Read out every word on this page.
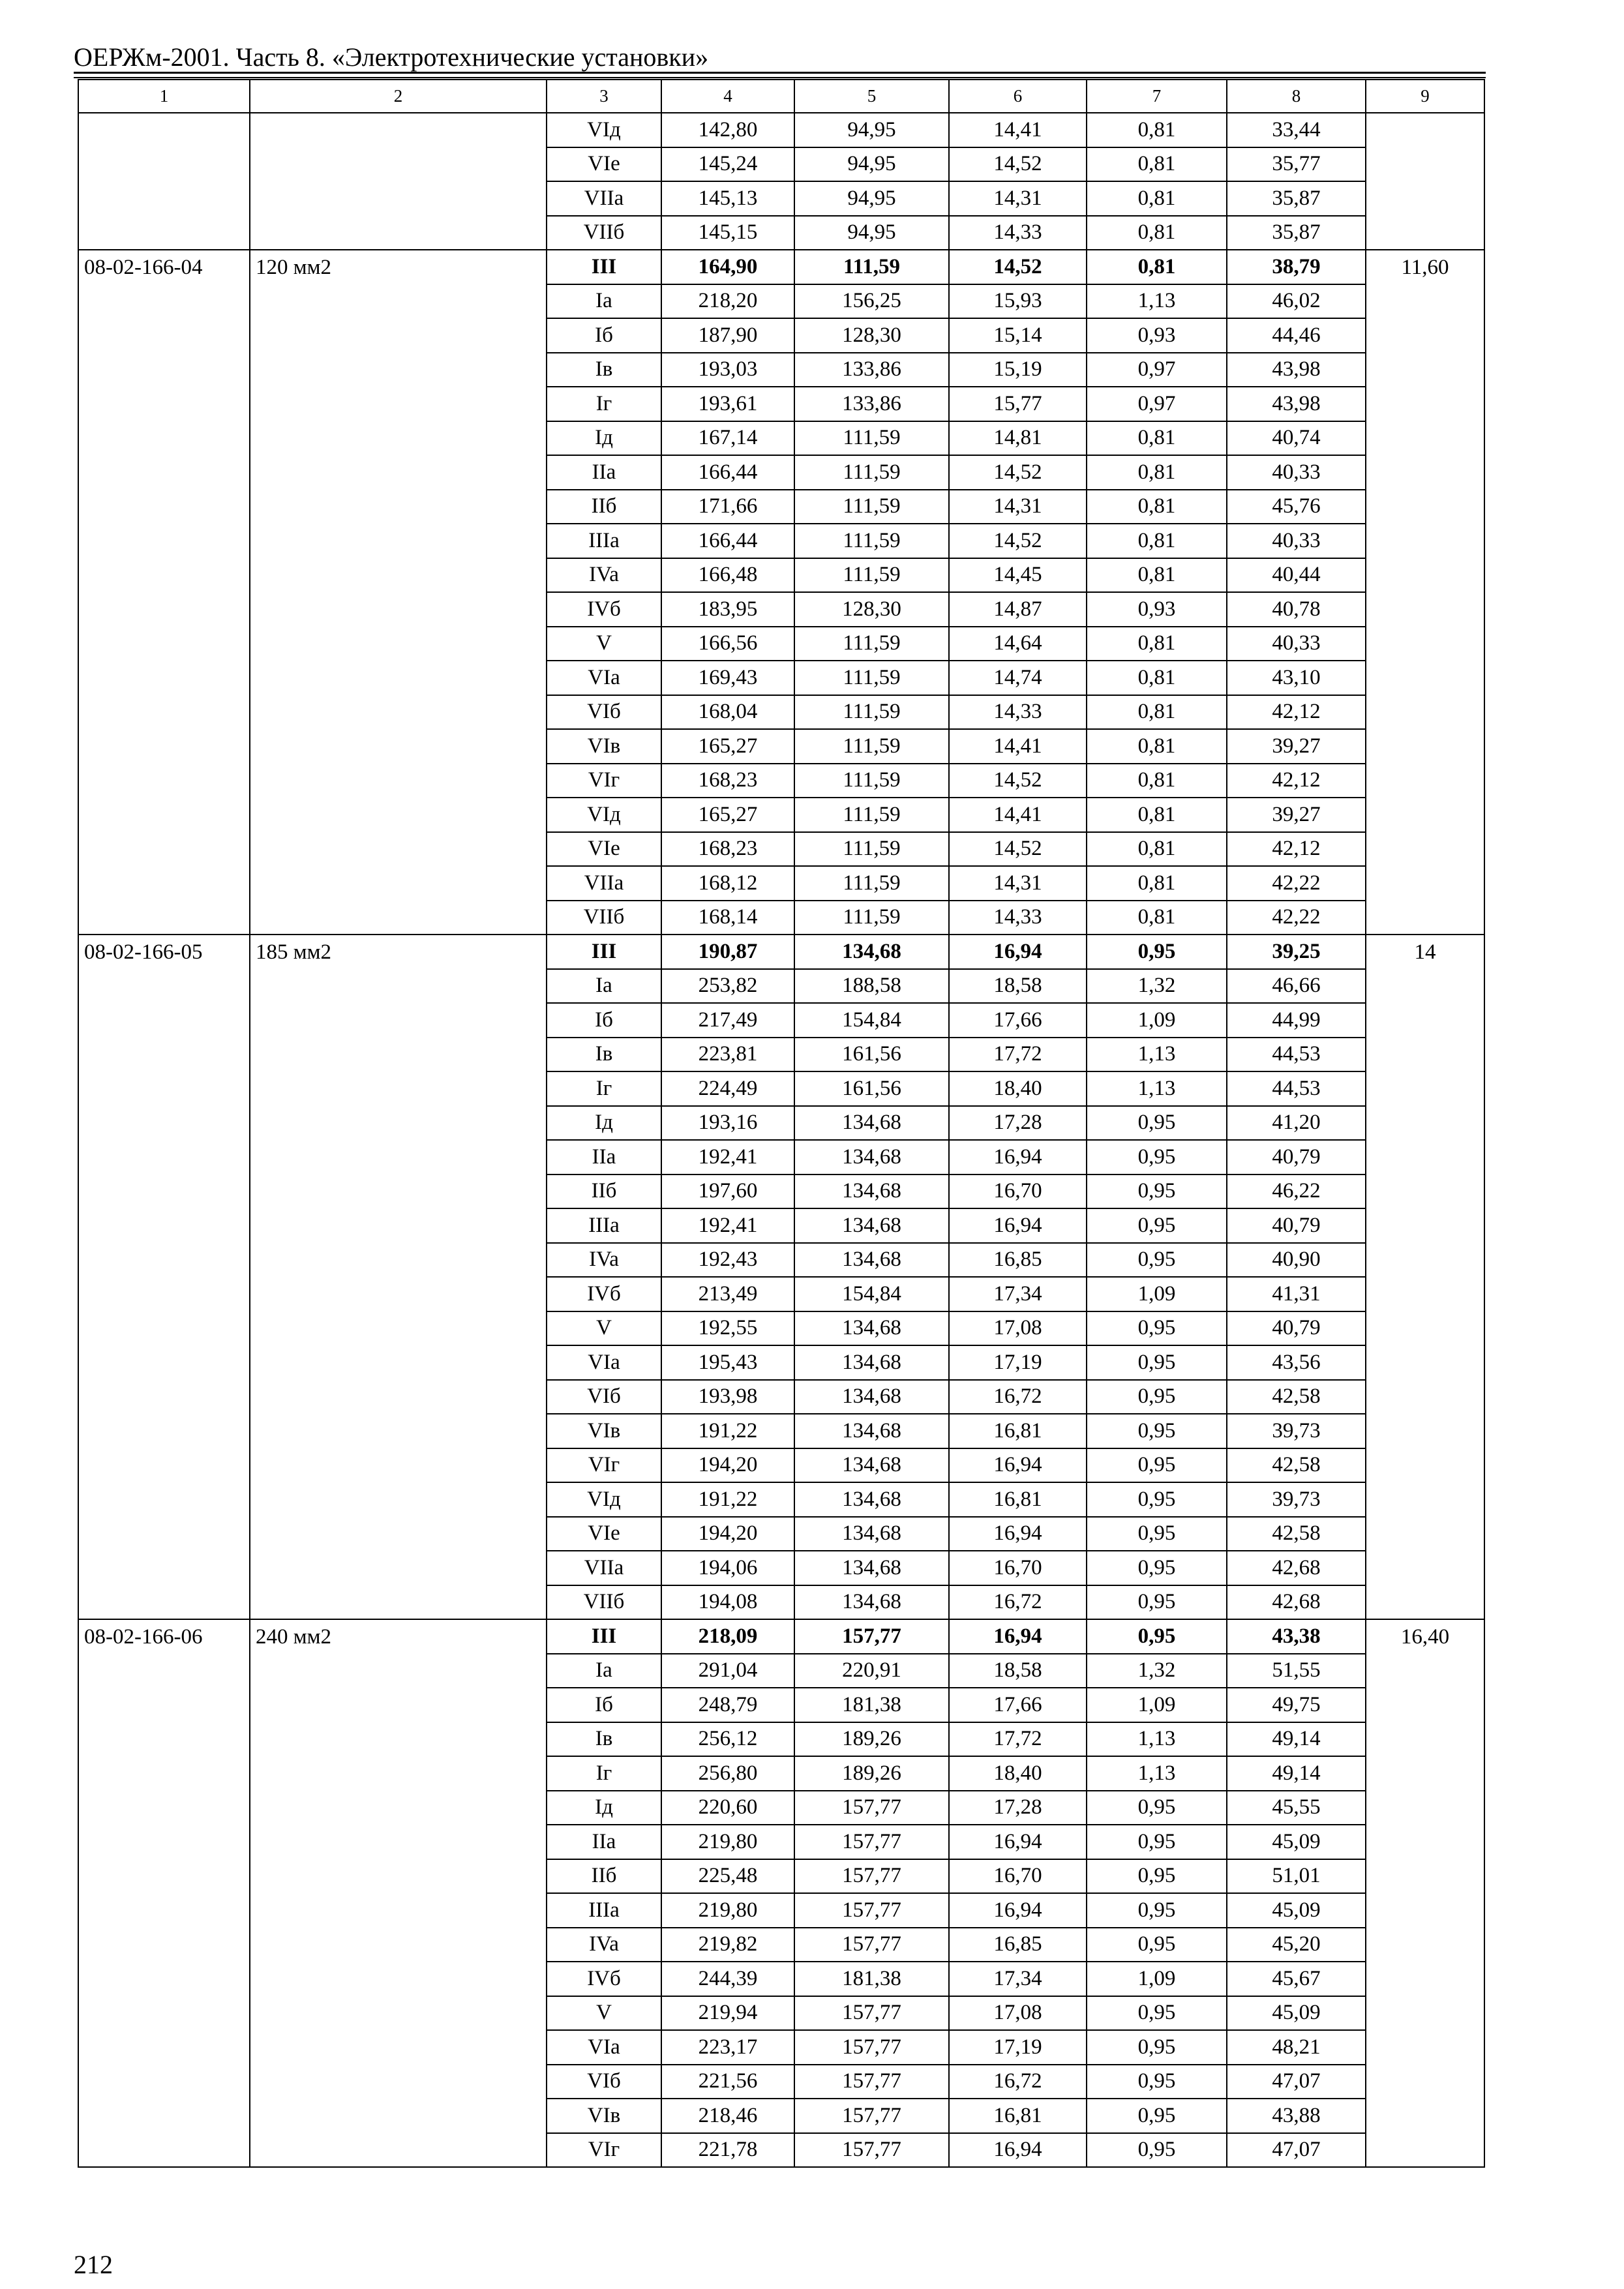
ОЕРЖм-2001. Часть 8. «Электротехнические установки»
1	2	3	4	5	6	7	8	9
		VIд	142,80	94,95	14,41	0,81	33,44	
		VIe	145,24	94,95	14,52	0,81	35,77	
		VIIa	145,13	94,95	14,31	0,81	35,87	
		VIIб	145,15	94,95	14,33	0,81	35,87	
08-02-166-04	120 мм2	III	164,90	111,59	14,52	0,81	38,79	11,60
		Ia	218,20	156,25	15,93	1,13	46,02	
		Iб	187,90	128,30	15,14	0,93	44,46	
		Iв	193,03	133,86	15,19	0,97	43,98	
		Iг	193,61	133,86	15,77	0,97	43,98	
		Iд	167,14	111,59	14,81	0,81	40,74	
		IIa	166,44	111,59	14,52	0,81	40,33	
		IIб	171,66	111,59	14,31	0,81	45,76	
		IIIa	166,44	111,59	14,52	0,81	40,33	
		IVa	166,48	111,59	14,45	0,81	40,44	
		IVб	183,95	128,30	14,87	0,93	40,78	
		V	166,56	111,59	14,64	0,81	40,33	
		VIa	169,43	111,59	14,74	0,81	43,10	
		VIб	168,04	111,59	14,33	0,81	42,12	
		VIв	165,27	111,59	14,41	0,81	39,27	
		VIг	168,23	111,59	14,52	0,81	42,12	
		VIд	165,27	111,59	14,41	0,81	39,27	
		VIe	168,23	111,59	14,52	0,81	42,12	
		VIIa	168,12	111,59	14,31	0,81	42,22	
		VIIб	168,14	111,59	14,33	0,81	42,22	
08-02-166-05	185 мм2	III	190,87	134,68	16,94	0,95	39,25	14
		Ia	253,82	188,58	18,58	1,32	46,66	
		Iб	217,49	154,84	17,66	1,09	44,99	
		Iв	223,81	161,56	17,72	1,13	44,53	
		Iг	224,49	161,56	18,40	1,13	44,53	
		Iд	193,16	134,68	17,28	0,95	41,20	
		IIa	192,41	134,68	16,94	0,95	40,79	
		IIб	197,60	134,68	16,70	0,95	46,22	
		IIIa	192,41	134,68	16,94	0,95	40,79	
		IVa	192,43	134,68	16,85	0,95	40,90	
		IVб	213,49	154,84	17,34	1,09	41,31	
		V	192,55	134,68	17,08	0,95	40,79	
		VIa	195,43	134,68	17,19	0,95	43,56	
		VIб	193,98	134,68	16,72	0,95	42,58	
		VIв	191,22	134,68	16,81	0,95	39,73	
		VIг	194,20	134,68	16,94	0,95	42,58	
		VIд	191,22	134,68	16,81	0,95	39,73	
		VIe	194,20	134,68	16,94	0,95	42,58	
		VIIa	194,06	134,68	16,70	0,95	42,68	
		VIIб	194,08	134,68	16,72	0,95	42,68	
08-02-166-06	240 мм2	III	218,09	157,77	16,94	0,95	43,38	16,40
		Ia	291,04	220,91	18,58	1,32	51,55	
		Iб	248,79	181,38	17,66	1,09	49,75	
		Iв	256,12	189,26	17,72	1,13	49,14	
		Iг	256,80	189,26	18,40	1,13	49,14	
		Iд	220,60	157,77	17,28	0,95	45,55	
		IIa	219,80	157,77	16,94	0,95	45,09	
		IIб	225,48	157,77	16,70	0,95	51,01	
		IIIa	219,80	157,77	16,94	0,95	45,09	
		IVa	219,82	157,77	16,85	0,95	45,20	
		IVб	244,39	181,38	17,34	1,09	45,67	
		V	219,94	157,77	17,08	0,95	45,09	
		VIa	223,17	157,77	17,19	0,95	48,21	
		VIб	221,56	157,77	16,72	0,95	47,07	
		VIв	218,46	157,77	16,81	0,95	43,88	
		VIг	221,78	157,77	16,94	0,95	47,07	
212
